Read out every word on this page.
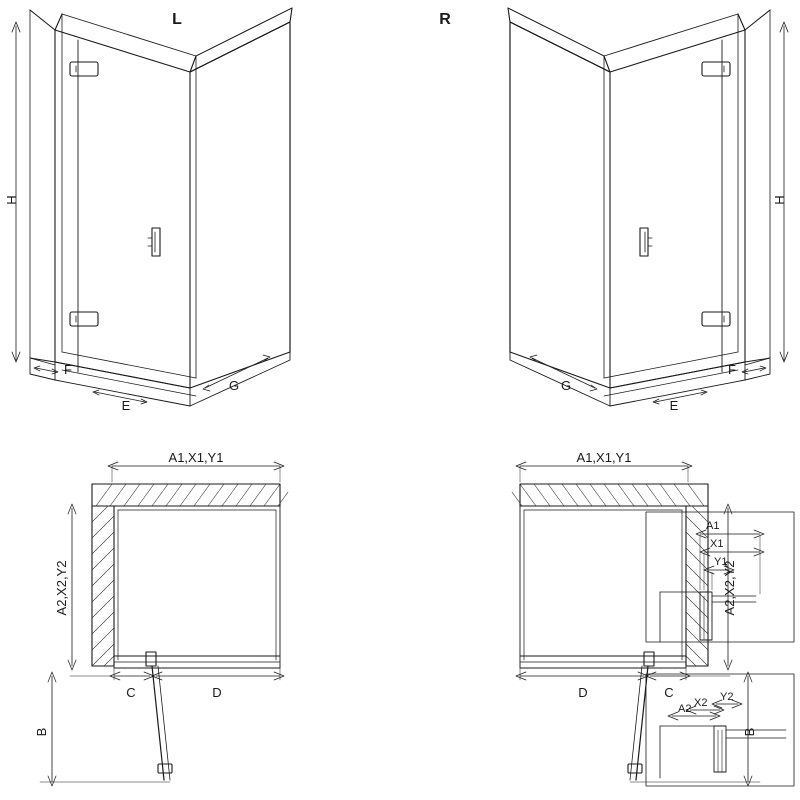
L	R
H	H
F	F
E	E
G	G
A1,X1,Y1	A1,X1,Y1
A2,X2,Y2	A2,X2,Y2
B	B
C	D	D	C
A1
X1
Y1
A2 X2 Y2
